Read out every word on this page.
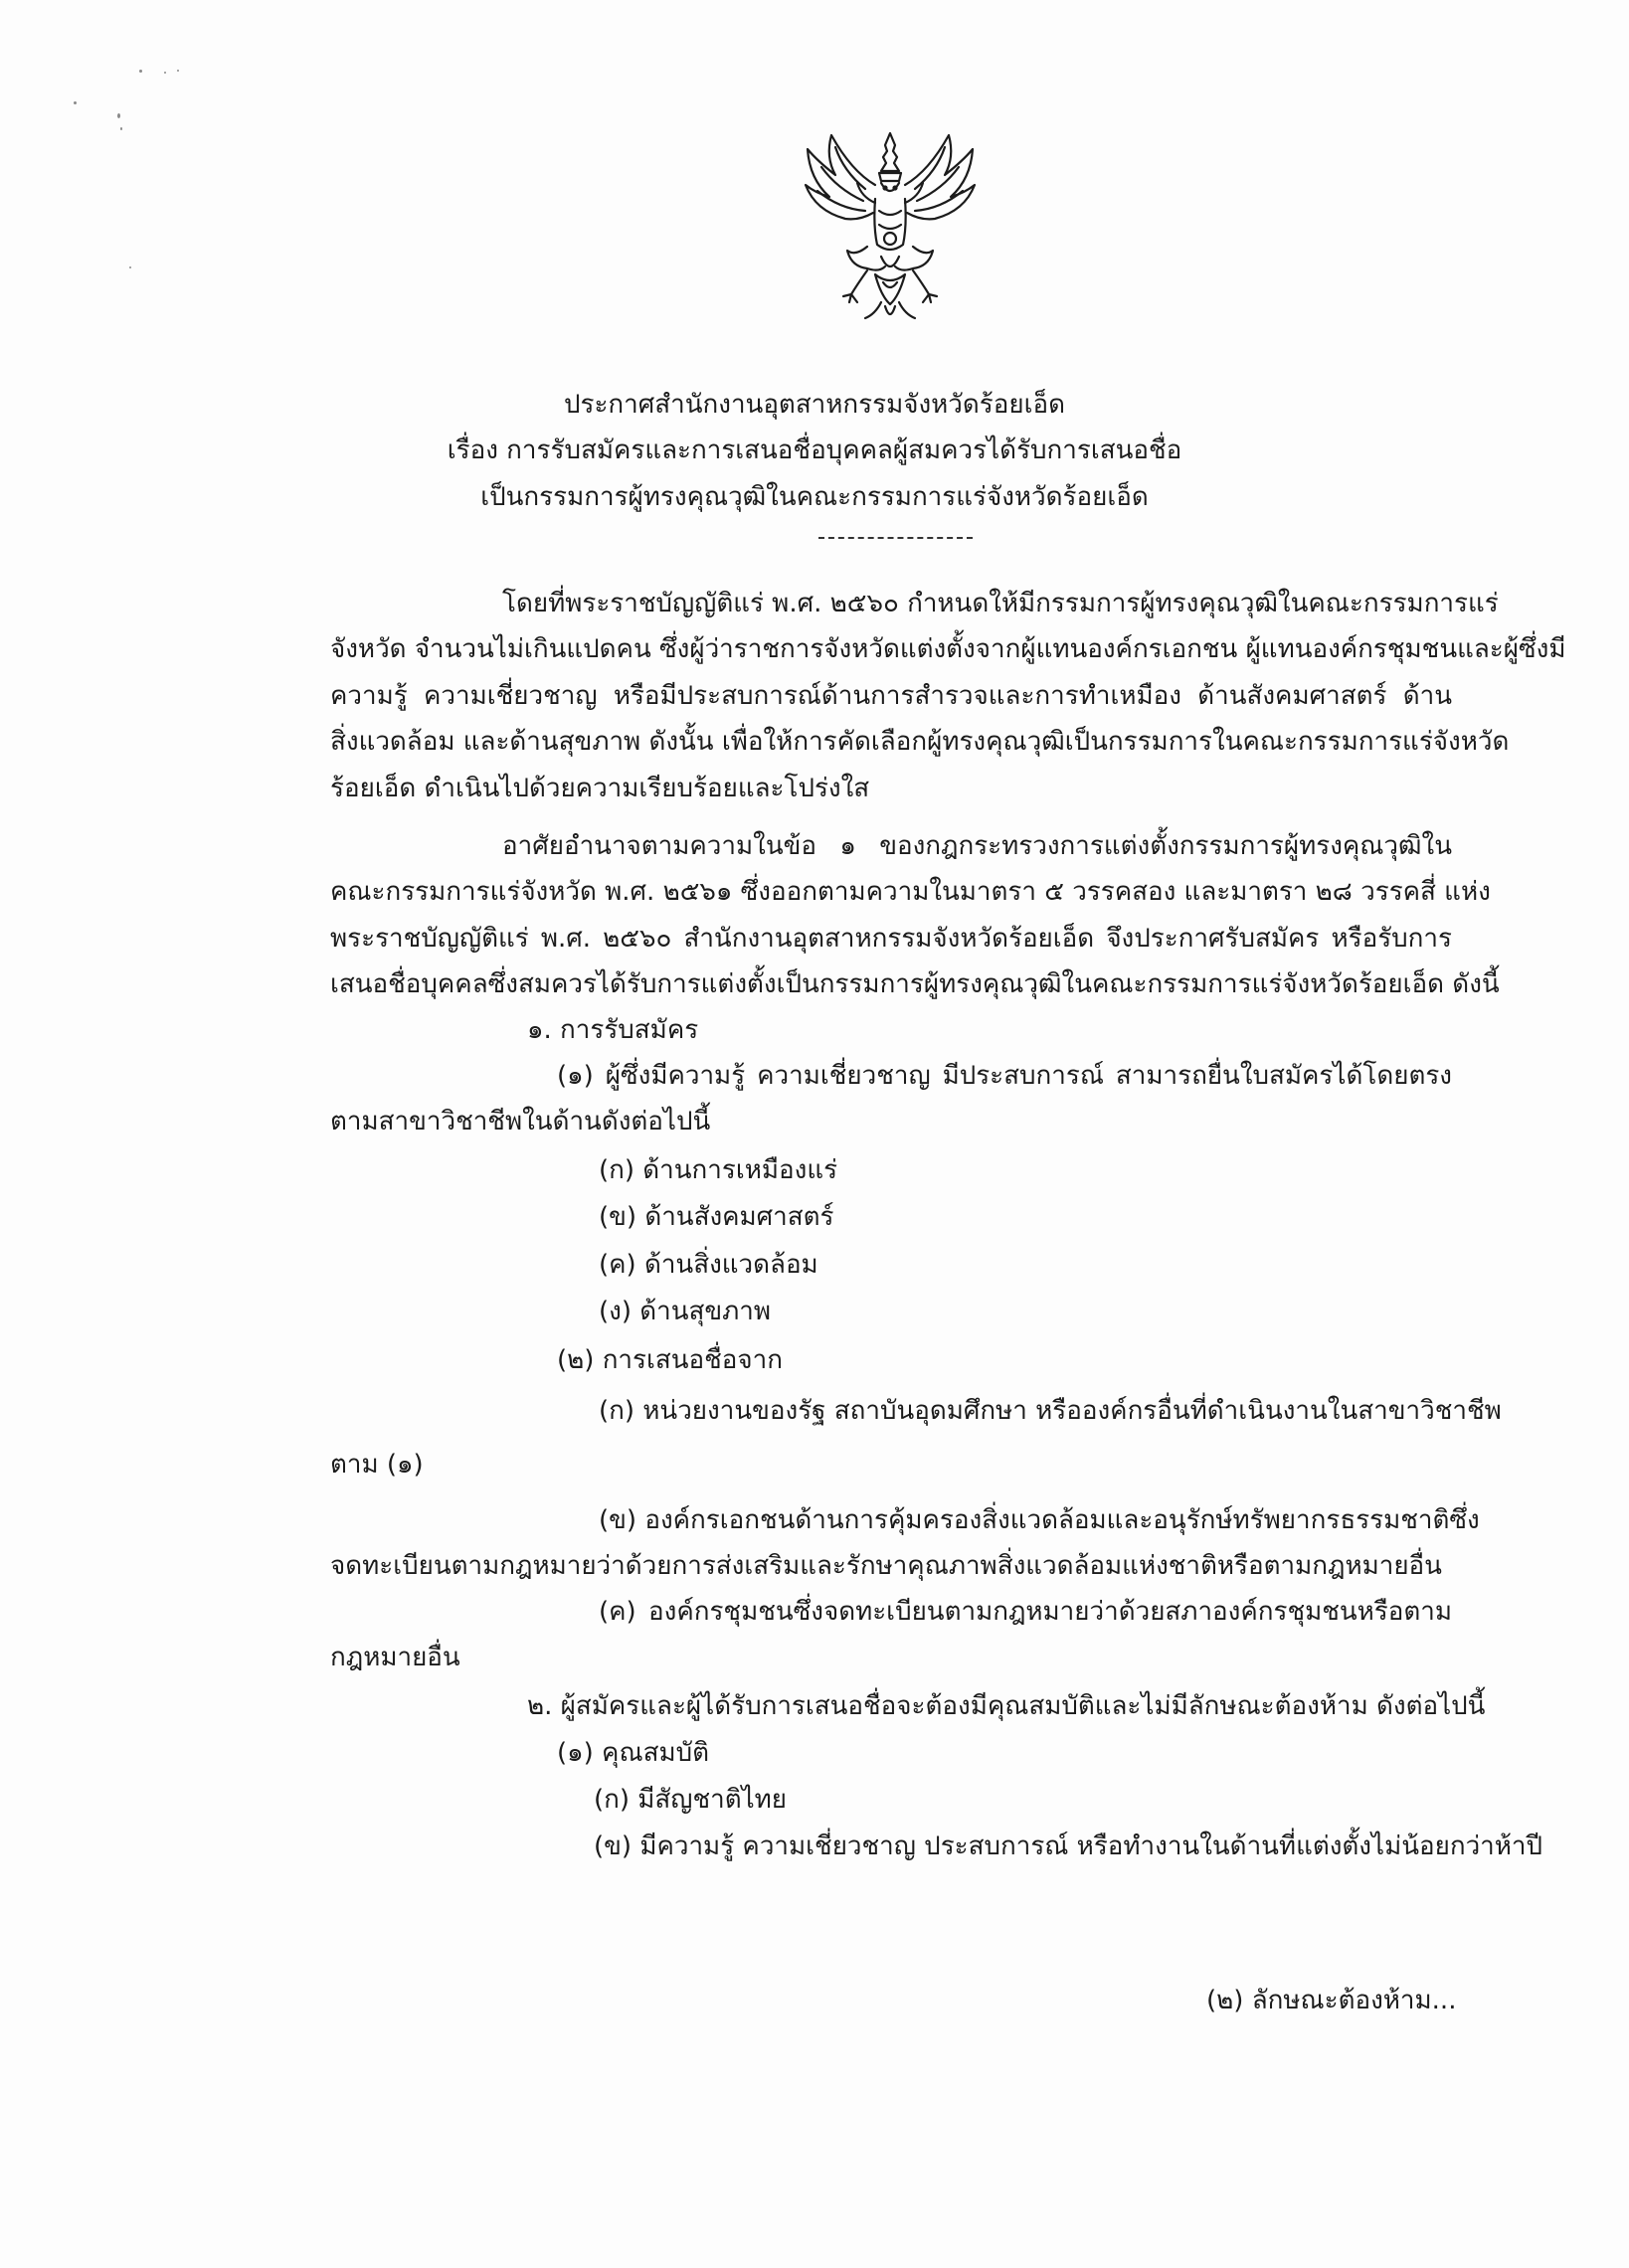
ประกาศสำนักงานอุตสาหกรรมจังหวัดร้อยเอ็ด

เรื่อง การรับสมัครและการเสนอชื่อบุคคลผู้สมควรได้รับการเสนอชื่อ

เป็นกรรมการผู้ทรงคุณวุฒิในคณะกรรมการแร่จังหวัดร้อยเอ็ด

โดยที่พระราชบัญญัติแร่ พ.ศ. ๒๕๖๐ กำหนดให้มีกรรมการผู้ทรงคุณวุฒิในคณะกรรมการแร่

จังหวัด จำนวนไม่เกินแปดคน ซึ่งผู้ว่าราชการจังหวัดแต่งตั้งจากผู้แทนองค์กรเอกชน ผู้แทนองค์กรชุมชนและผู้ซึ่งมี

ความรู้ ความเชี่ยวชาญ หรือมีประสบการณ์ด้านการสำรวจและการทำเหมือง ด้านสังคมศาสตร์ ด้าน

สิ่งแวดล้อม และด้านสุขภาพ ดังนั้น เพื่อให้การคัดเลือกผู้ทรงคุณวุฒิเป็นกรรมการในคณะกรรมการแร่จังหวัด

ร้อยเอ็ด ดำเนินไปด้วยความเรียบร้อยและโปร่งใส

อาศัยอำนาจตามความในข้อ ๑ ของกฎกระทรวงการแต่งตั้งกรรมการผู้ทรงคุณวุฒิใน

คณะกรรมการแร่จังหวัด พ.ศ. ๒๕๖๑ ซึ่งออกตามความในมาตรา ๕ วรรคสอง และมาตรา ๒๘ วรรคสี่ แห่ง

พระราชบัญญัติแร่ พ.ศ. ๒๕๖๐ สำนักงานอุตสาหกรรมจังหวัดร้อยเอ็ด จึงประกาศรับสมัคร หรือรับการ

เสนอชื่อบุคคลซึ่งสมควรได้รับการแต่งตั้งเป็นกรรมการผู้ทรงคุณวุฒิในคณะกรรมการแร่จังหวัดร้อยเอ็ด ดังนี้

๑. การรับสมัคร

(๑) ผู้ซึ่งมีความรู้ ความเชี่ยวชาญ มีประสบการณ์ สามารถยื่นใบสมัครได้โดยตรง

ตามสาขาวิชาชีพในด้านดังต่อไปนี้

(ก) ด้านการเหมืองแร่

(ข) ด้านสังคมศาสตร์

(ค) ด้านสิ่งแวดล้อม

(ง) ด้านสุขภาพ

(๒) การเสนอชื่อจาก

(ก) หน่วยงานของรัฐ สถาบันอุดมศึกษา หรือองค์กรอื่นที่ดำเนินงานในสาขาวิชาชีพ

ตาม (๑)

(ข) องค์กรเอกชนด้านการคุ้มครองสิ่งแวดล้อมและอนุรักษ์ทรัพยากรธรรมชาติซึ่ง

จดทะเบียนตามกฎหมายว่าด้วยการส่งเสริมและรักษาคุณภาพสิ่งแวดล้อมแห่งชาติหรือตามกฎหมายอื่น

(ค) องค์กรชุมชนซึ่งจดทะเบียนตามกฎหมายว่าด้วยสภาองค์กรชุมชนหรือตาม

กฎหมายอื่น

๒. ผู้สมัครและผู้ได้รับการเสนอชื่อจะต้องมีคุณสมบัติและไม่มีลักษณะต้องห้าม ดังต่อไปนี้

(๑) คุณสมบัติ

(ก) มีสัญชาติไทย

(ข) มีความรู้ ความเชี่ยวชาญ ประสบการณ์ หรือทำงานในด้านที่แต่งตั้งไม่น้อยกว่าห้าปี

(๒) ลักษณะต้องห้าม...
